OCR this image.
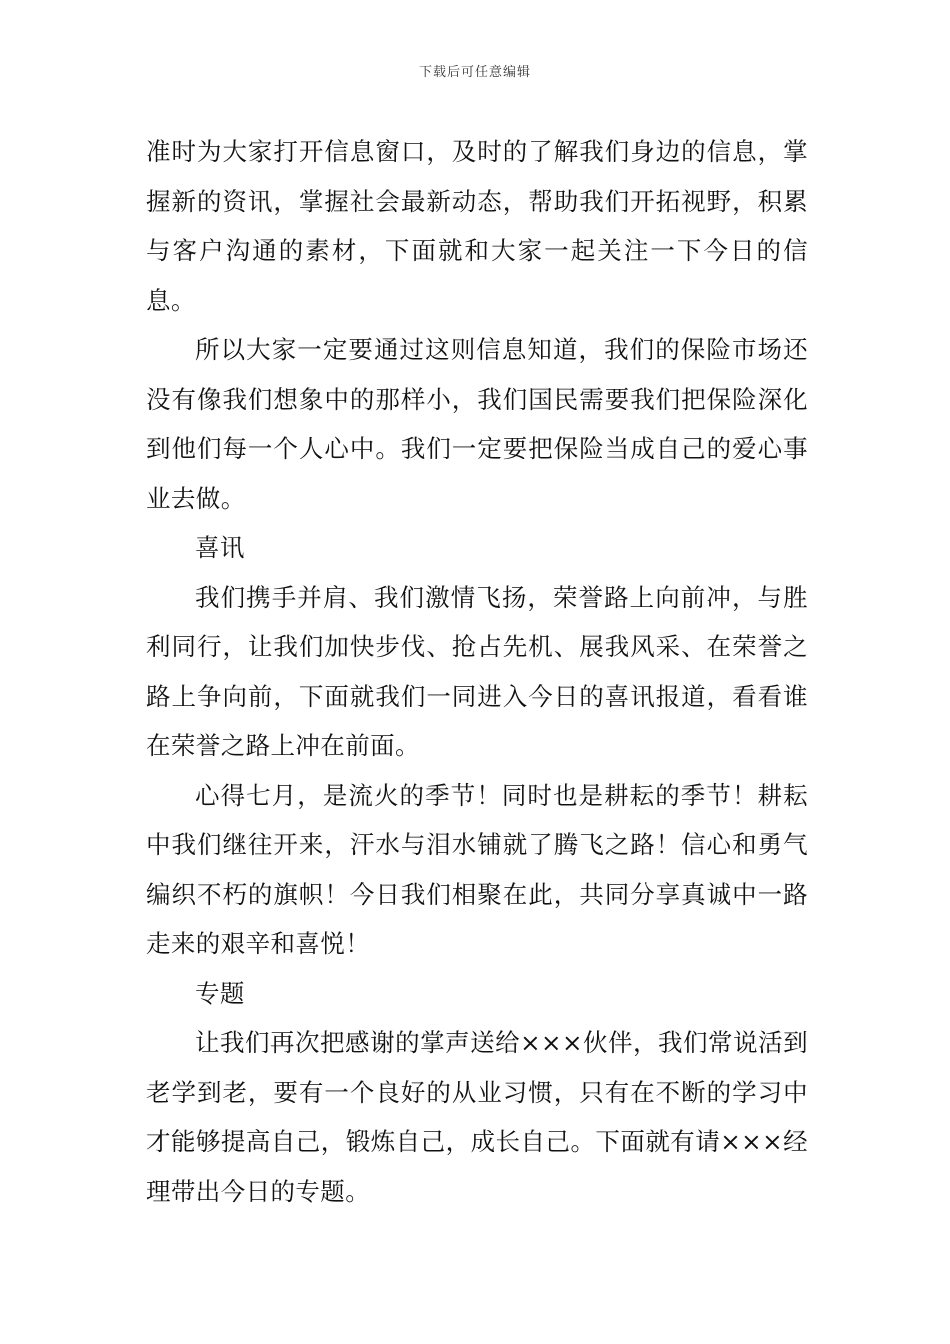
下载后可任意编辑

准时为大家打开信息窗口，及时的了解我们身边的信息，掌握新的资讯，掌握社会最新动态，帮助我们开拓视野，积累与客户沟通的素材，下面就和大家一起关注一下今日的信息。

所以大家一定要通过这则信息知道，我们的保险市场还没有像我们想象中的那样小，我们国民需要我们把保险深化到他们每一个人心中。我们一定要把保险当成自己的爱心事业去做。

喜讯

我们携手并肩、我们激情飞扬，荣誉路上向前冲，与胜利同行，让我们加快步伐、抢占先机、展我风采、在荣誉之路上争向前，下面就我们一同进入今日的喜讯报道，看看谁在荣誉之路上冲在前面。

心得七月，是流火的季节！同时也是耕耘的季节！耕耘中我们继往开来，汗水与泪水铺就了腾飞之路！信心和勇气编织不朽的旗帜！今日我们相聚在此，共同分享真诚中一路走来的艰辛和喜悦！

专题

让我们再次把感谢的掌声送给×××伙伴，我们常说活到老学到老，要有一个良好的从业习惯，只有在不断的学习中才能够提高自己，锻炼自己，成长自己。下面就有请×××经理带出今日的专题。
